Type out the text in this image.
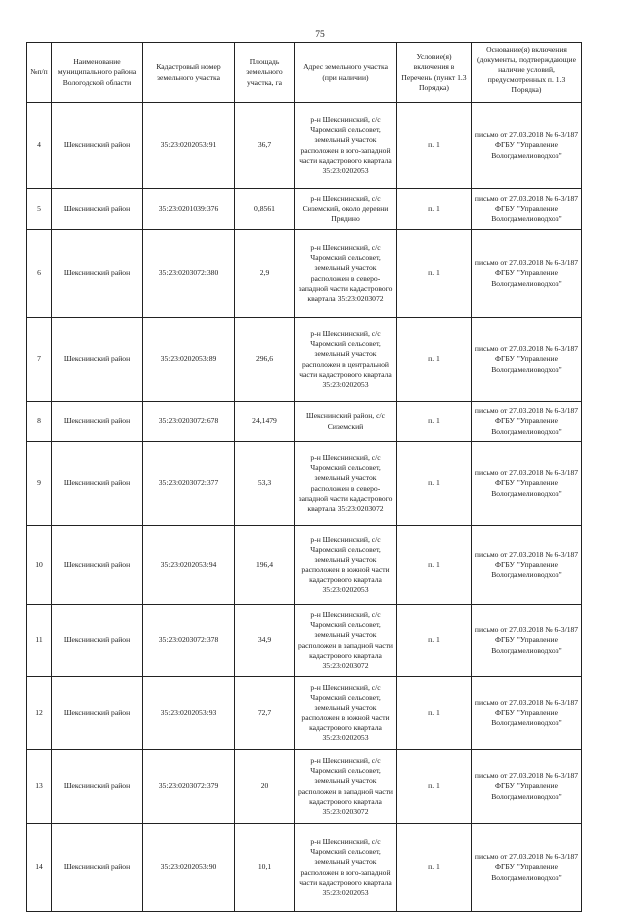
75
№п/п	Наименование муниципального района Вологодской области	Кадастровый номер земельного участка	Площадь земельного участка, га	Адрес земельного участка (при наличии)	Условие(я) включения в Перечень (пункт 1.3 Порядка)	Основание(я) включения (документы, подтверждающие наличие условий, предусмотренных п. 1.3 Порядка)

4	Шекснинский район	35:23:0202053:91	36,7	р-н Шекснинский, с/с Чаромский сельсовет, земельный участок расположен в юго-западной части кадастрового квартала 35:23:0202053	п. 1	письмо от 27.03.2018 № 6-3/187 ФГБУ "Управление Вологдамелиоводхоз"

5	Шекснинский район	35:23:0201039:376	0,8561	р-н Шекснинский, с/с Сиземский, около деревни Прядино	п. 1	письмо от 27.03.2018 № 6-3/187 ФГБУ "Управление Вологдамелиоводхоз"

6	Шекснинский район	35:23:0203072:380	2,9	р-н Шекснинский, с/с Чаромский сельсовет, земельный участок расположен в северо-западной части кадастрового квартала 35:23:0203072	п. 1	письмо от 27.03.2018 № 6-3/187 ФГБУ "Управление Вологдамелиоводхоз"

7	Шекснинский район	35:23:0202053:89	296,6	р-н Шекснинский, с/с Чаромский сельсовет, земельный участок расположен в центральной части кадастрового квартала 35:23:0202053	п. 1	письмо от 27.03.2018 № 6-3/187 ФГБУ "Управление Вологдамелиоводхоз"

8	Шекснинский район	35:23:0203072:678	24,1479	Шекснинский район, с/с Сиземский	п. 1	письмо от 27.03.2018 № 6-3/187 ФГБУ "Управление Вологдамелиоводхоз"

9	Шекснинский район	35:23:0203072:377	53,3	р-н Шекснинский, с/с Чаромский сельсовет, земельный участок расположен в северо-западной части кадастрового квартала 35:23:0203072	п. 1	письмо от 27.03.2018 № 6-3/187 ФГБУ "Управление Вологдамелиоводхоз"

10	Шекснинский район	35:23:0202053:94	196,4	р-н Шекснинский, с/с Чаромский сельсовет, земельный участок расположен в южной части кадастрового квартала 35:23:0202053	п. 1	письмо от 27.03.2018 № 6-3/187 ФГБУ "Управление Вологдамелиоводхоз"

11	Шекснинский район	35:23:0203072:378	34,9	р-н Шекснинский, с/с Чаромский сельсовет, земельный участок расположен в западной части кадастрового квартала 35:23:0203072	п. 1	письмо от 27.03.2018 № 6-3/187 ФГБУ "Управление Вологдамелиоводхоз"

12	Шекснинский район	35:23:0202053:93	72,7	р-н Шекснинский, с/с Чаромский сельсовет, земельный участок расположен в южной части кадастрового квартала 35:23:0202053	п. 1	письмо от 27.03.2018 № 6-3/187 ФГБУ "Управление Вологдамелиоводхоз"

13	Шекснинский район	35:23:0203072:379	20	р-н Шекснинский, с/с Чаромский сельсовет, земельный участок расположен в западной части кадастрового квартала 35:23:0203072	п. 1	письмо от 27.03.2018 № 6-3/187 ФГБУ "Управление Вологдамелиоводхоз"

14	Шекснинский район	35:23:0202053:90	10,1	р-н Шекснинский, с/с Чаромский сельсовет, земельный участок расположен в юго-западной части кадастрового квартала 35:23:0202053	п. 1	письмо от 27.03.2018 № 6-3/187 ФГБУ "Управление Вологдамелиоводхоз"
